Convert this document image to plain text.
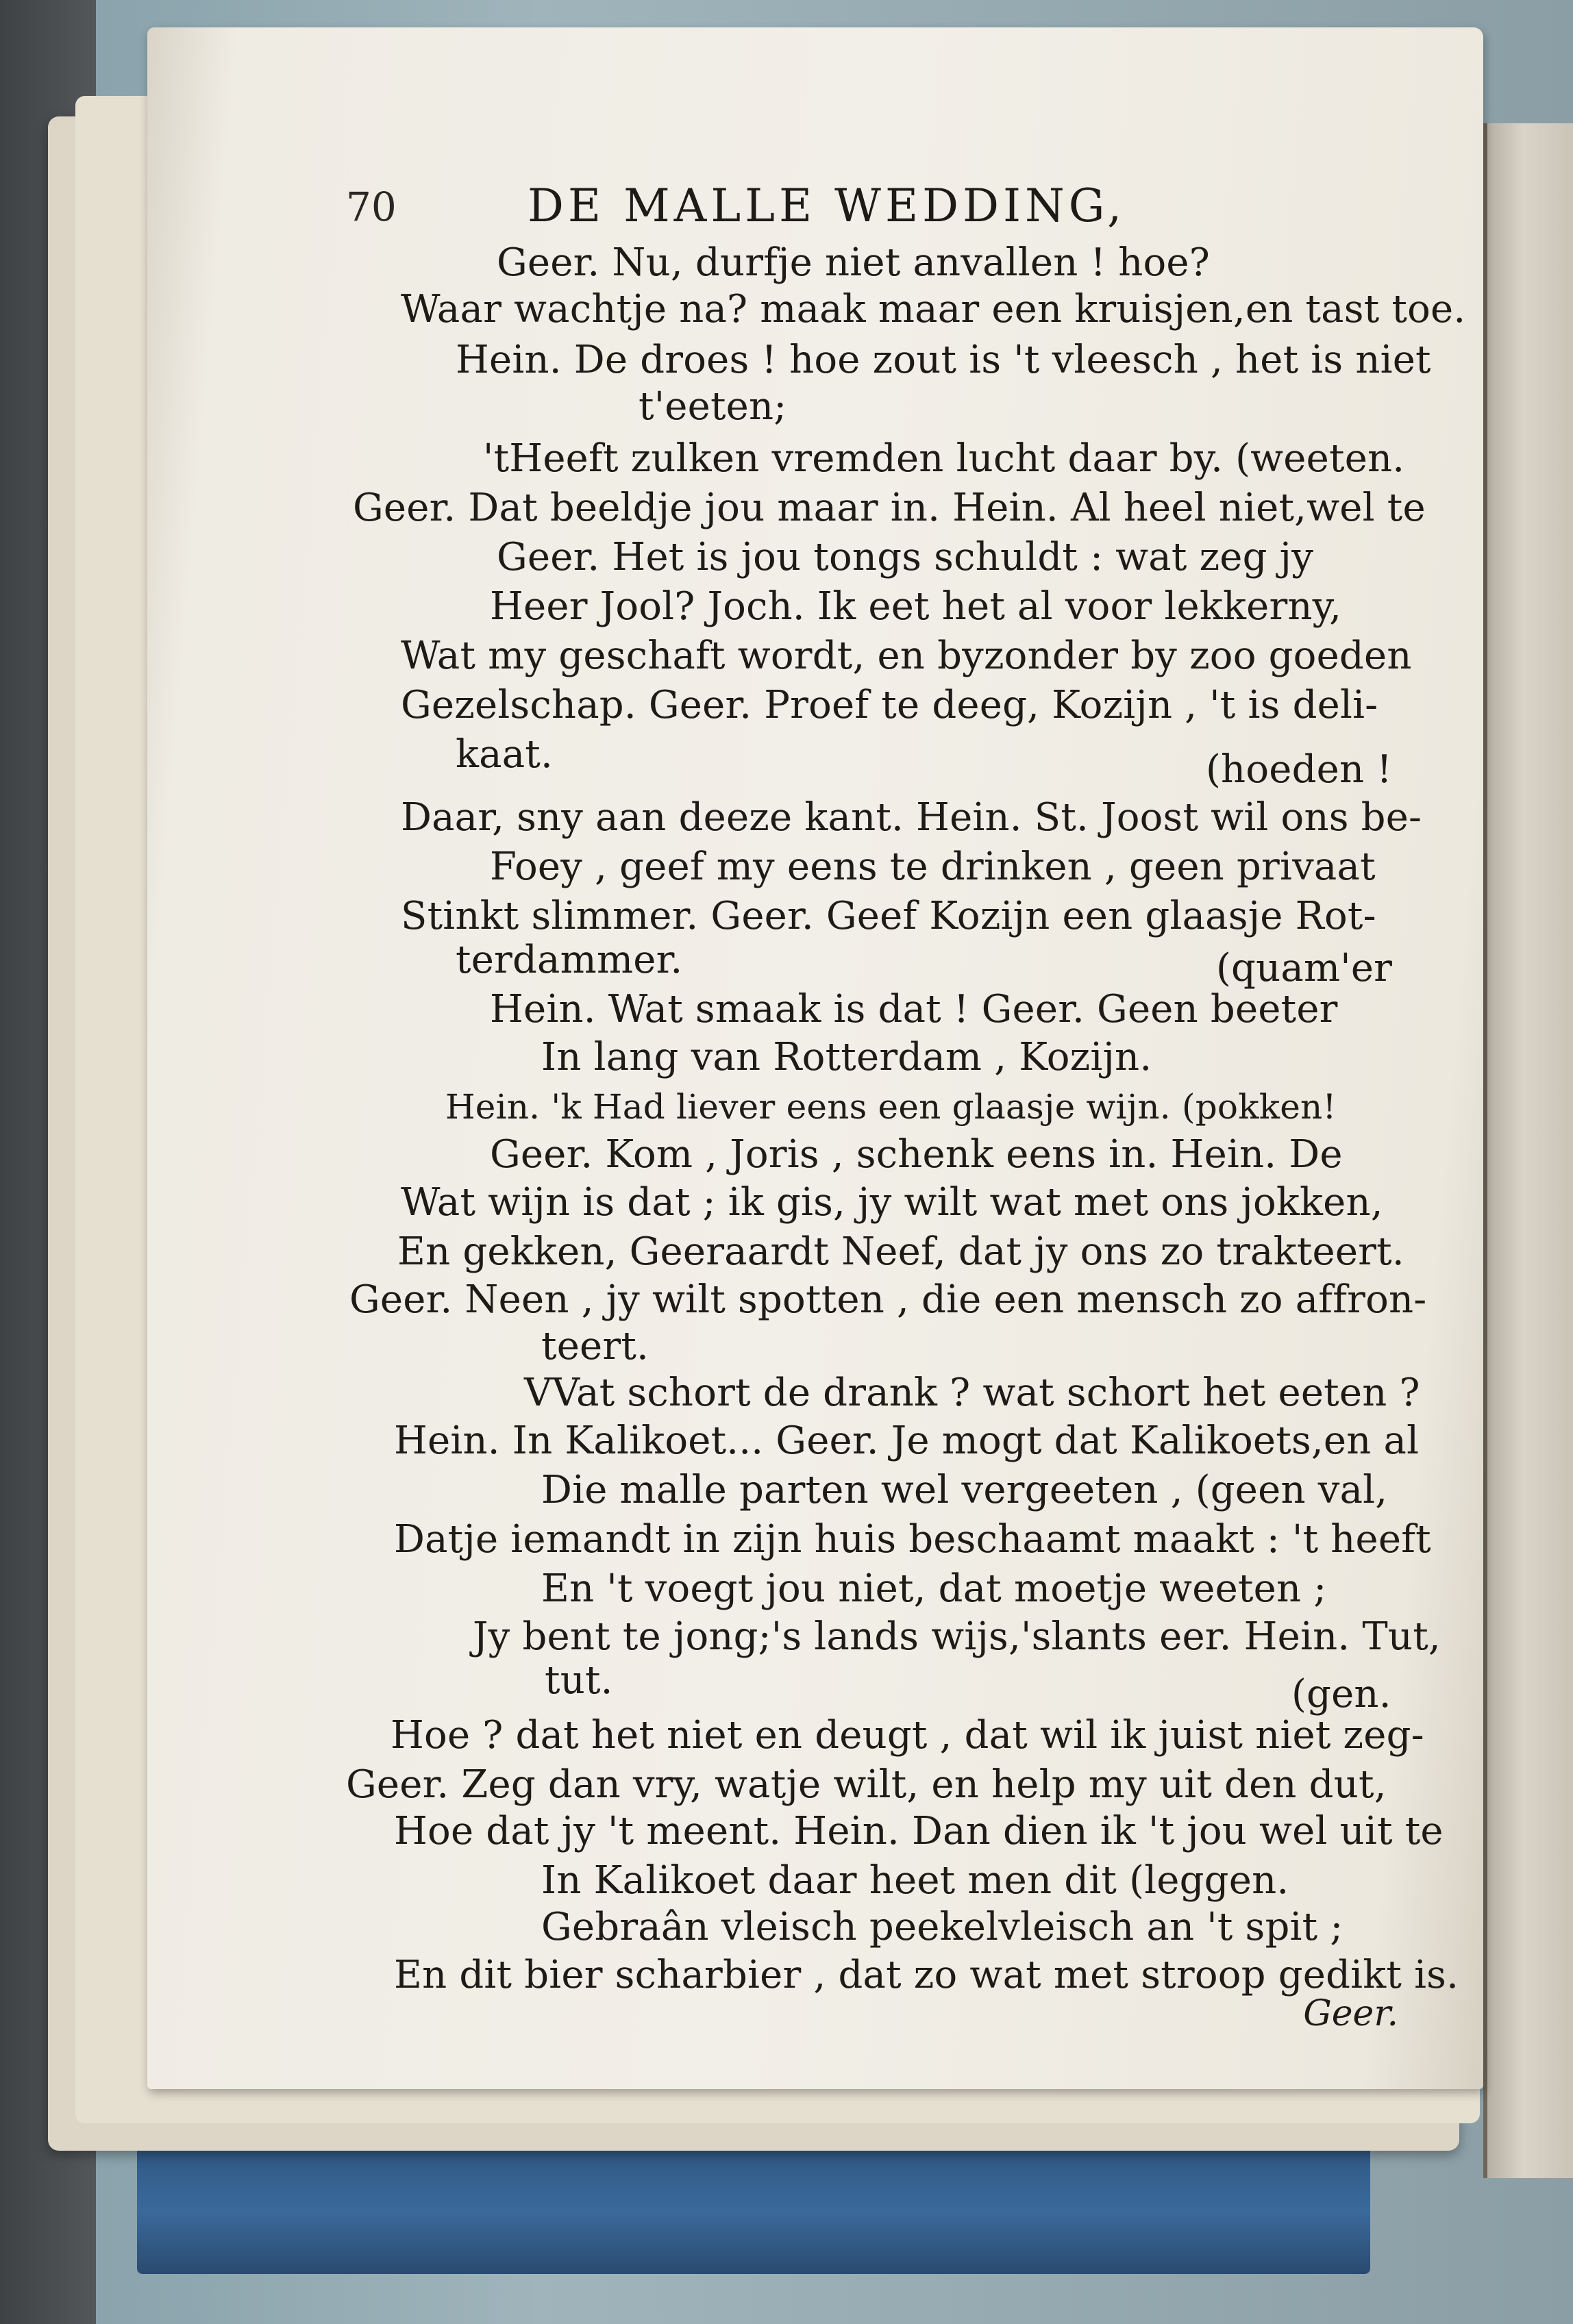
70	DE MALLE WEDDING,

Geer. Nu, durfje niet anvallen ! hoe?

Waar wachtje na? maak maar een kruisjen,en tast toe.

Hein. De droes ! hoe zout is 't vleesch , het is niet

t'eeten;

'tHeeft zulken vremden lucht daar by. (weeten.

Geer. Dat beeldje jou maar in. Hein. Al heel niet,wel te

Geer. Het is jou tongs schuldt : wat zeg jy

Heer Jool? Joch. Ik eet het al voor lekkerny,

Wat my geschaft wordt, en byzonder by zoo goeden

Gezelschap. Geer. Proef te deeg, Kozijn , 't is deli-

kaat.	(hoeden !

Daar, sny aan deeze kant. Hein. St. Joost wil ons be-

Foey , geef my eens te drinken , geen privaat

Stinkt slimmer. Geer. Geef Kozijn een glaasje Rot-

terdammer.	(quam'er

Hein. Wat smaak is dat ! Geer. Geen beeter

In lang van Rotterdam , Kozijn.

Hein. 'k Had liever eens een glaasje wijn. (pokken!

Geer. Kom , Joris , schenk eens in. Hein. De

Wat wijn is dat ; ik gis, jy wilt wat met ons jokken,

En gekken, Geeraardt Neef, dat jy ons zo trakteert.

Geer. Neen , jy wilt spotten , die een mensch zo affron-

teert.

VVat schort de drank ? wat schort het eeten ?

Hein. In Kalikoet... Geer. Je mogt dat Kalikoets,en al

Die malle parten wel vergeeten , (geen val,

Datje iemandt in zijn huis beschaamt maakt : 't heeft

En 't voegt jou niet, dat moetje weeten ;

Jy bent te jong;'s lands wijs,'slants eer. Hein. Tut,

tut.	(gen.

Hoe ? dat het niet en deugt , dat wil ik juist niet zeg-

Geer. Zeg dan vry, watje wilt, en help my uit den dut,

Hoe dat jy 't meent. Hein. Dan dien ik 't jou wel uit te

In Kalikoet daar heet men dit (leggen.

Gebraân vleisch peekelvleisch an 't spit ;

En dit bier scharbier , dat zo wat met stroop gedikt is.

Geer.
